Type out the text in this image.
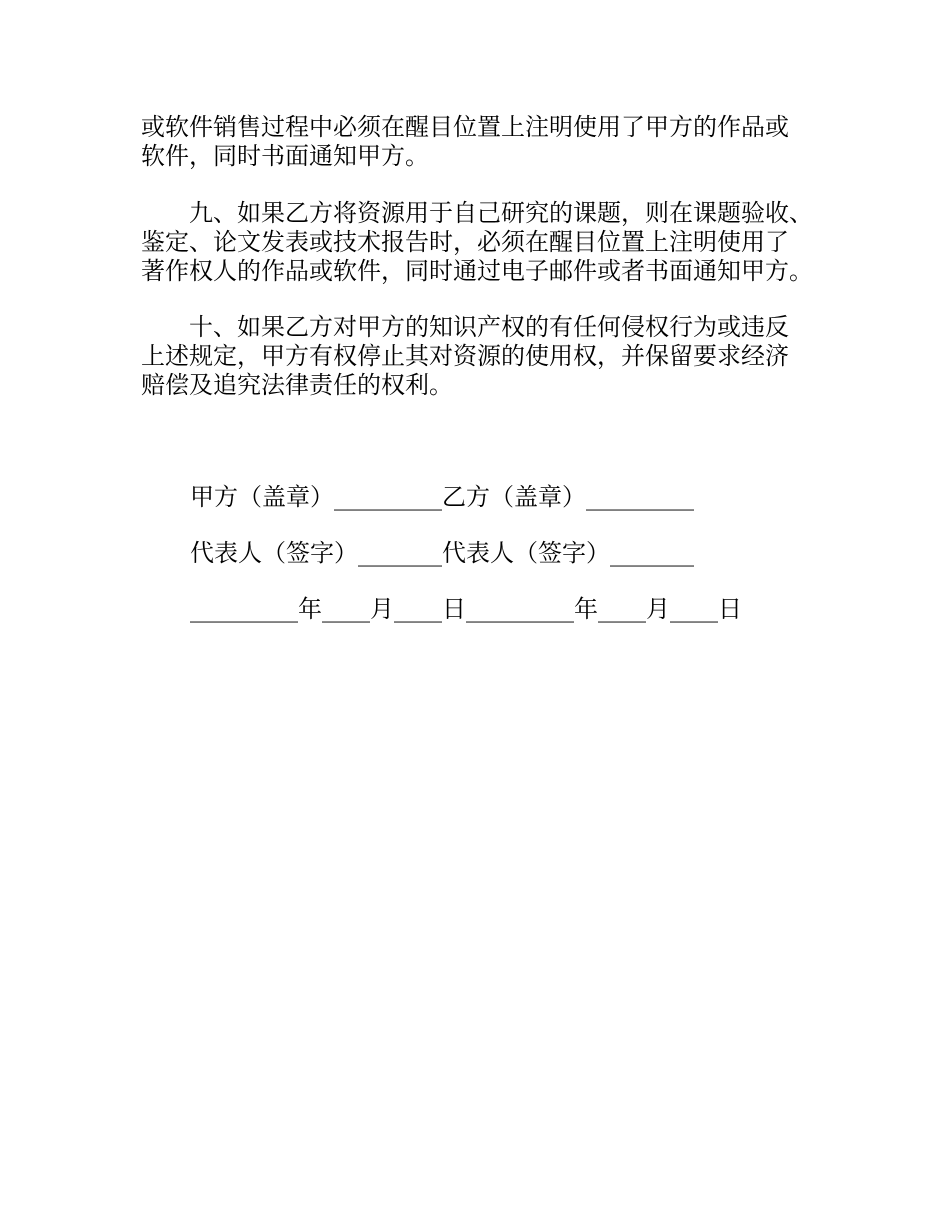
或软件销售过程中必须在醒目位置上注明使用了甲方的作品或
软件，同时书面通知甲方。

　　九、如果乙方将资源用于自己研究的课题，则在课题验收、
鉴定、论文发表或技术报告时，必须在醒目位置上注明使用了
著作权人的作品或软件，同时通过电子邮件或者书面通知甲方。

　　十、如果乙方对甲方的知识产权的有任何侵权行为或违反
上述规定，甲方有权停止其对资源的使用权，并保留要求经济
赔偿及追究法律责任的权利。

甲方（盖章）_________乙方（盖章）_________

代表人（签字）_______代表人（签字）_______

_________年____月____日_________年____月____日
